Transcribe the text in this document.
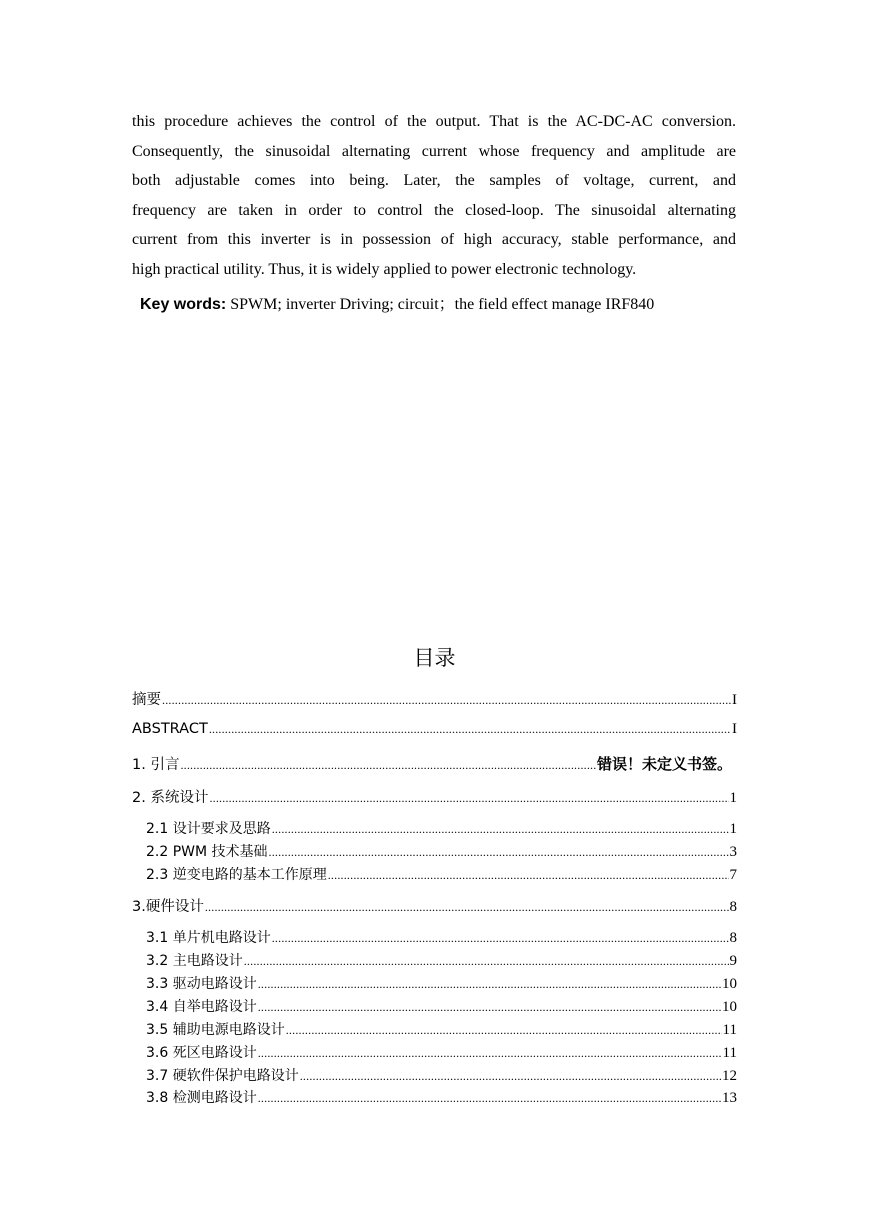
this procedure achieves the control of the output. That is the AC-DC-AC conversion.
Consequently, the sinusoidal alternating current whose frequency and amplitude are
both adjustable comes into being. Later, the samples of voltage, current, and
frequency are taken in order to control the closed-loop. The sinusoidal alternating
current from this inverter is in possession of high accuracy, stable performance, and
high practical utility. Thus, it is widely applied to power electronic technology.
Key words: SPWM; inverter Driving; circuit；the field effect manage IRF840
目录
摘要 .....	I
ABSTRACT .....	I
1. 引言 .....	错误！未定义书签。
2. 系统设计 .....	1
2.1 设计要求及思路 .....	1
2.2 PWM 技术基础 .....	3
2.3 逆变电路的基本工作原理 .....	7
3.硬件设计 .....	8
3.1 单片机电路设计 .....	8
3.2 主电路设计 .....	9
3.3 驱动电路设计 .....	10
3.4 自举电路设计 .....	10
3.5 辅助电源电路设计 .....	11
3.6 死区电路设计 .....	11
3.7 硬软件保护电路设计 .....	12
3.8 检测电路设计 .....	13
